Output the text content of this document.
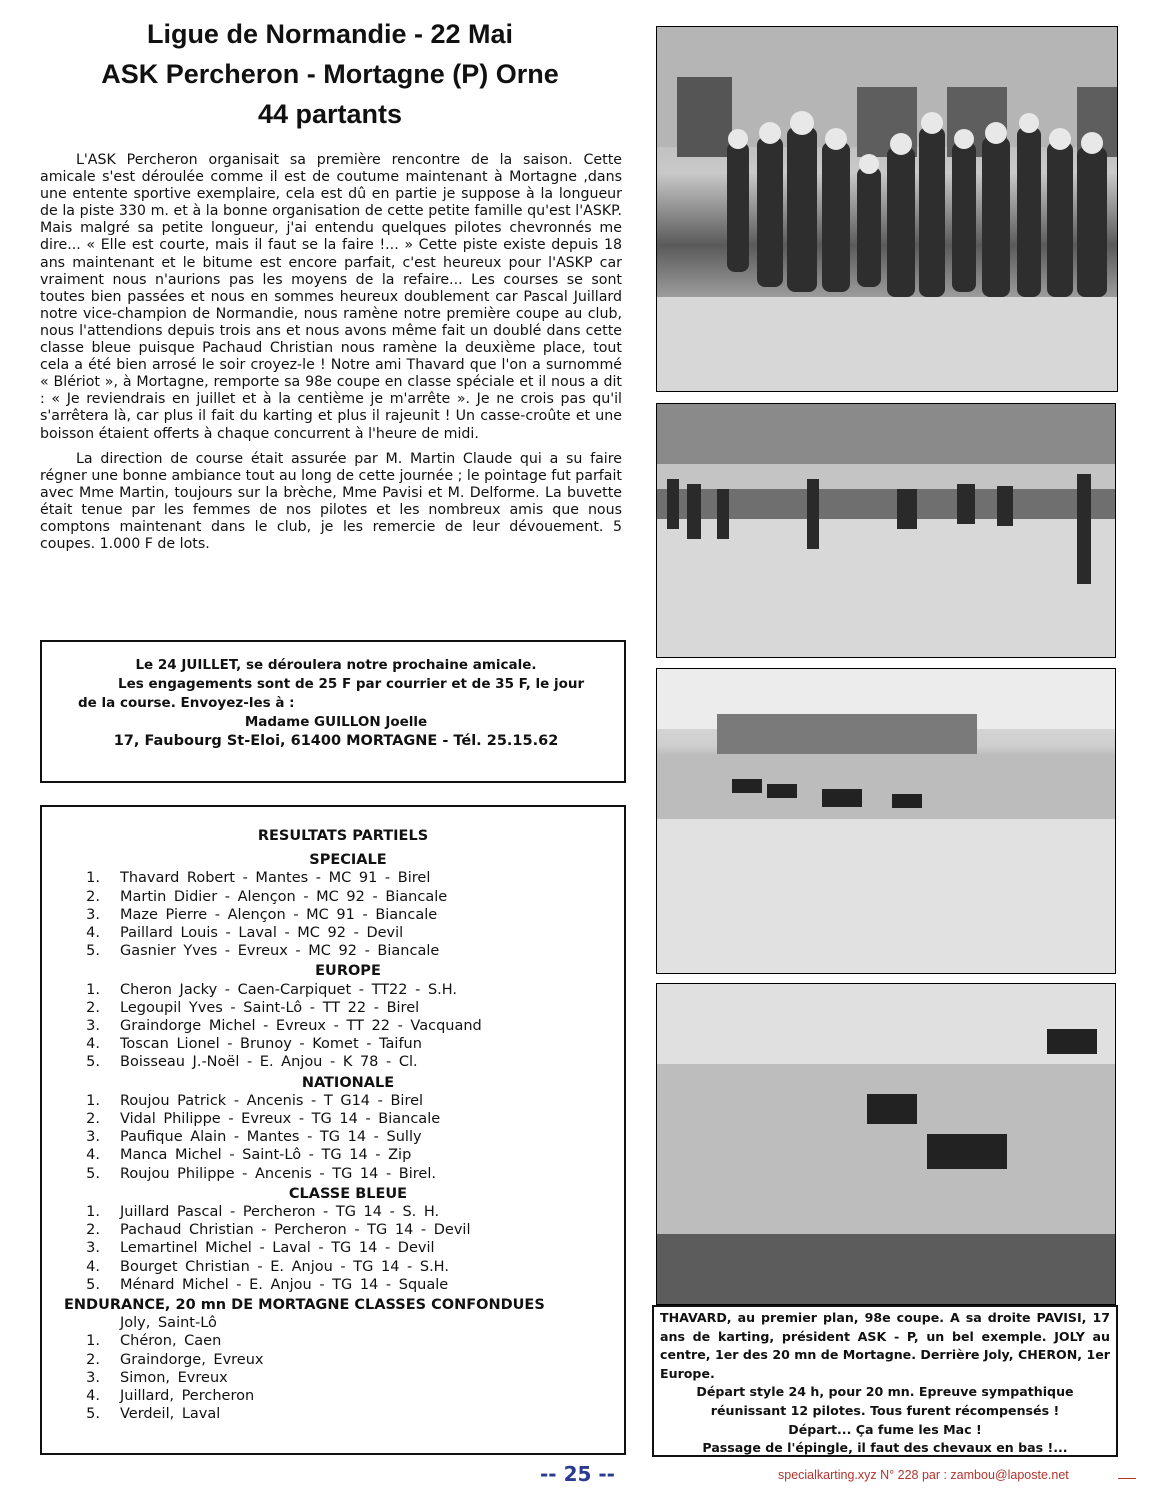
Ligue de Normandie - 22 Mai
ASK Percheron - Mortagne (P) Orne
44 partants

L'ASK Percheron organisait sa première rencontre de la saison. Cette amicale s'est déroulée comme il est de coutume maintenant à Mortagne ,dans une entente sportive exemplaire, cela est dû en partie je suppose à la longueur de la piste 330 m. et à la bonne organisation de cette petite famille qu'est l'ASKP. Mais malgré sa petite longueur, j'ai entendu quelques pilotes chevronnés me dire... « Elle est courte, mais il faut se la faire !... » Cette piste existe depuis 18 ans maintenant et le bitume est encore parfait, c'est heureux pour l'ASKP car vraiment nous n'aurions pas les moyens de la refaire... Les courses se sont toutes bien passées et nous en sommes heureux doublement car Pascal Juillard notre vice-champion de Normandie, nous ramène notre première coupe au club, nous l'attendions depuis trois ans et nous avons même fait un doublé dans cette classe bleue puisque Pachaud Christian nous ramène la deuxième place, tout cela a été bien arrosé le soir croyez-le ! Notre ami Thavard que l'on a surnommé « Blériot », à Mortagne, remporte sa 98e coupe en classe spéciale et il nous a dit : « Je reviendrais en juillet et à la centième je m'arrête ». Je ne crois pas qu'il s'arrêtera là, car plus il fait du karting et plus il rajeunit ! Un casse-croûte et une boisson étaient offerts à chaque concurrent à l'heure de midi.

La direction de course était assurée par M. Martin Claude qui a su faire régner une bonne ambiance tout au long de cette journée ; le pointage fut parfait avec Mme Martin, toujours sur la brèche, Mme Pavisi et M. Delforme. La buvette était tenue par les femmes de nos pilotes et les nombreux amis que nous comptons maintenant dans le club, je les remercie de leur dévouement. 5 coupes. 1.000 F de lots.

Le 24 JUILLET, se déroulera notre prochaine amicale.
Les engagements sont de 25 F par courrier et de 35 F, le jour de la course. Envoyez-les à :
Madame GUILLON Joelle
17, Faubourg St-Eloi, 61400 MORTAGNE - Tél. 25.15.62
RESULTATS PARTIELS
SPECIALE
1.	Thavard Robert - Mantes - MC 91 - Birel
2.	Martin Didier - Alençon - MC 92 - Biancale
3.	Maze Pierre - Alençon - MC 91 - Biancale
4.	Paillard Louis - Laval - MC 92 - Devil
5.	Gasnier Yves - Evreux - MC 92 - Biancale
EUROPE
1.	Cheron Jacky - Caen-Carpiquet - TT22 - S.H.
2.	Legoupil Yves - Saint-Lô - TT 22 - Birel
3.	Graindorge Michel - Evreux - TT 22 - Vacquand
4.	Toscan Lionel - Brunoy - Komet - Taifun
5.	Boisseau J.-Noël - E. Anjou - K 78 - Cl.
NATIONALE
1.	Roujou Patrick - Ancenis - T G14 - Birel
2.	Vidal Philippe - Evreux - TG 14 - Biancale
3.	Paufique Alain - Mantes - TG 14 - Sully
4.	Manca Michel - Saint-Lô - TG 14 - Zip
5.	Roujou Philippe - Ancenis - TG 14 - Birel.
CLASSE BLEUE
1.	Juillard Pascal - Percheron - TG 14 - S. H.
2.	Pachaud Christian - Percheron - TG 14 - Devil
3.	Lemartinel Michel - Laval - TG 14 - Devil
4.	Bourget Christian - E. Anjou - TG 14 - S.H.
5.	Ménard Michel - E. Anjou - TG 14 - Squale
ENDURANCE, 20 mn DE MORTAGNE CLASSES CONFONDUES
Joly, Saint-Lô
1.	Chéron, Caen
2.	Graindorge, Evreux
3.	Simon, Evreux
4.	Juillard, Percheron
5.	Verdeil, Laval
THAVARD, au premier plan, 98e coupe. A sa droite PAVISI, 17 ans de karting, président ASK - P, un bel exemple. JOLY au centre, 1er des 20 mn de Mortagne. Derrière Joly, CHERON, 1er Europe.
Départ style 24 h, pour 20 mn. Epreuve sympathique réunissant 12 pilotes. Tous furent récompensés !
Départ... Ça fume les Mac !
Passage de l'épingle, il faut des chevaux en bas !...
-- 25 --	specialkarting.xyz N° 228 par : zambou@laposte.net
